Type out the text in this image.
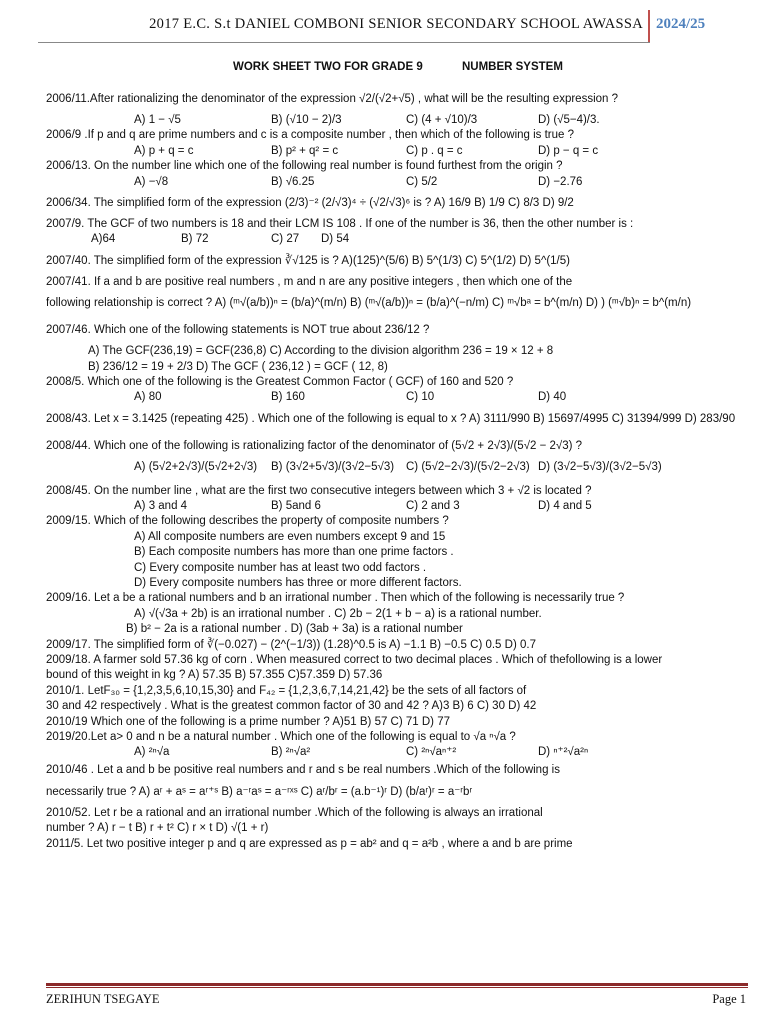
2017 E.C. S.t DANIEL COMBONI SENIOR SECONDARY SCHOOL AWASSA 2024/25
WORK SHEET TWO FOR GRADE 9	NUMBER SYSTEM
2006/11.After rationalizing the denominator of the expression √2/(√2+√5) , what will be the resulting expression ?
A) 1 − √5	B) (√10 − 2)/3	C) (4 + √10)/3	D) (√5−4)/3.
2006/9 .If p and q are prime numbers and c is a composite number , then which of the following is true ?
A) p + q = c	B) p² + q² = c	C) p . q = c	D) p − q = c
2006/13. On the number line which one of the following real number is found furthest from the origin ?
A) −√8	B) √6.25	C) 5/2	D) −2.76
2006/34. The simplified form of the expression (2/3)⁻² (2/√3)⁴ ÷ (√2/√3)⁶ is ? A) 16/9 B) 1/9 C) 8/3 D) 9/2
2007/9. The GCF of two numbers is 18 and their LCM IS 108 . If one of the number is 36, then the other number is :
A)64	B) 72	C) 27 D) 54
2007/40. The simplified form of the expression ∛√125 is ? A)(125)^(5/6) B) 5^(1/3) C) 5^(1/2) D) 5^(1/5)
2007/41. If a and b are positive real numbers , m and n are any positive integers , then which one of the
following relationship is correct ? A) (ᵐ√(a/b))ⁿ = (b/a)^(m/n) B) (ᵐ√(a/b))ⁿ = (b/a)^(−n/m) C) ᵐ√bᵃ = b^(m/n) D) ) (ᵐ√b)ⁿ = b^(m/n)
2007/46. Which one of the following statements is NOT true about 236/12 ?
A) The GCF(236,19) = GCF(236,8) C) According to the division algorithm 236 = 19 × 12 + 8
B) 236/12 = 19 + 2/3 D) The GCF ( 236,12 ) = GCF ( 12, 8)
2008/5. Which one of the following is the Greatest Common Factor ( GCF) of 160 and 520 ?
A) 80	B) 160	C) 10	D) 40
2008/43. Let x = 3.1425 (repeating 425) . Which one of the following is equal to x ? A) 3111/990 B) 15697/4995 C) 31394/999 D) 283/90
2008/44. Which one of the following is rationalizing factor of the denominator of (5√2 + 2√3)/(5√2 − 2√3) ?
A) (5√2+2√3)/(5√2+2√3) B) (3√2+5√3)/(3√2−5√3) C) (5√2−2√3)/(5√2−2√3) D) (3√2−5√3)/(3√2−5√3)
2008/45. On the number line , what are the first two consecutive integers between which 3 + √2 is located ?
A) 3 and 4	B) 5and 6	C) 2 and 3	D) 4 and 5
2009/15. Which of the following describes the property of composite numbers ?
A) All composite numbers are even numbers except 9 and 15
B) Each composite numbers has more than one prime factors .
C) Every composite number has at least two odd factors .
D) Every composite numbers has three or more different factors.
2009/16. Let a be a rational numbers and b an irrational number . Then which of the following is necessarily true ?
A) √(√3a + 2b) is an irrational number . C) 2b − 2(1 + b − a) is a rational number.
B) b² − 2a is a rational number . D) (3ab + 3a) is a rational number
2009/17. The simplified form of ∛(−0.027) − (2^(−1/3)) (1.28)^0.5 is A) −1.1 B) −0.5 C) 0.5 D) 0.7
2009/18. A farmer sold 57.36 kg of corn . When measured correct to two decimal places . Which of thefollowing is a lower
bound of this weight in kg ? A) 57.35 B) 57.355 C)57.359 D) 57.36
2010/1. LetF₃₀ = {1,2,3,5,6,10,15,30} and F₄₂ = {1,2,3,6,7,14,21,42} be the sets of all factors of
30 and 42 respectively . What is the greatest common factor of 30 and 42 ? A)3 B) 6 C) 30 D) 42
2010/19 Which one of the following is a prime number ? A)51 B) 57 C) 71 D) 77
2019/20.Let a> 0 and n be a natural number . Which one of the following is equal to √a ⁿ√a ?
A) ²ⁿ√a	B) ²ⁿ√a²	C) ²ⁿ√aⁿ⁺²	D) ⁿ⁺²√a²ⁿ
2010/46 . Let a and b be positive real numbers and r and s be real numbers .Which of the following is
necessarily true ? A) aʳ + aˢ = aʳ⁺ˢ B) a⁻ʳaˢ = a⁻ʳˣˢ C) aʳ/bʳ = (a.b⁻¹)ʳ D) (b/aʳ)ʳ = a⁻ʳbʳ
2010/52. Let r be a rational and an irrational number .Which of the following is always an irrational
number ? A) r − t B) r + t² C) r × t D) √(1 + r)
2011/5. Let two positive integer p and q are expressed as p = ab² and q = a²b , where a and b are prime
ZERIHUN TSEGAYE	Page 1
